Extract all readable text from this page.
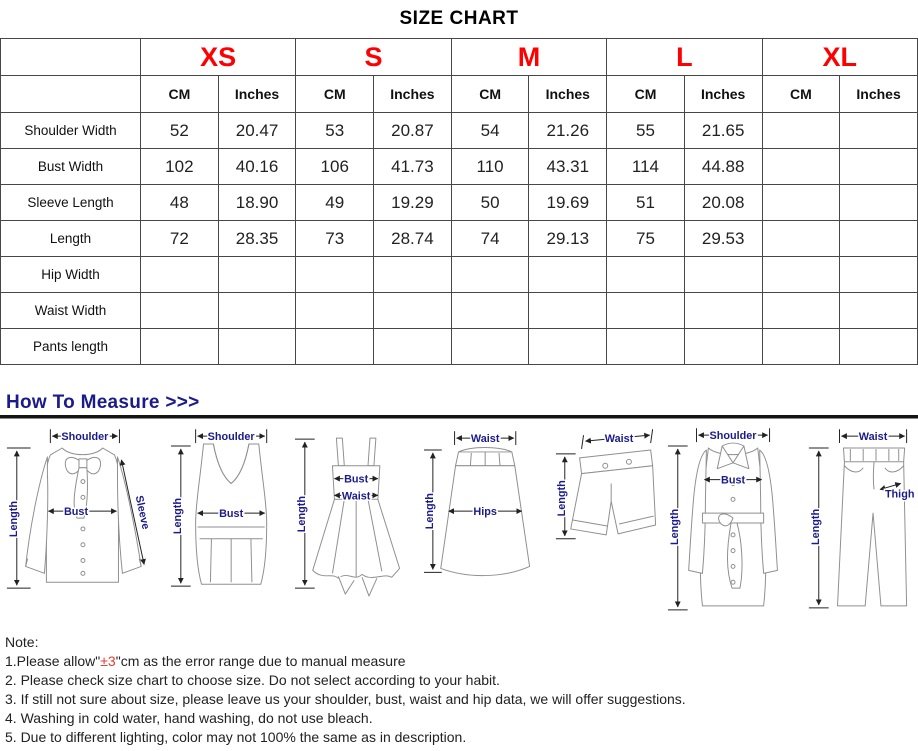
SIZE CHART
	XS		S		M		L		XL	
	CM	Inches	CM	Inches	CM	Inches	CM	Inches	CM	Inches
Shoulder Width	52	20.47	53	20.87	54	21.26	55	21.65		
Bust Width	102	40.16	106	41.73	110	43.31	114	44.88		
Sleeve Length	48	18.90	49	19.29	50	19.69	51	20.08		
Length	72	28.35	73	28.74	74	29.13	75	29.53		
Hip Width										
Waist Width										
Pants length										
How To Measure >>>
Shoulder
Bust	Sleeve
Length
Shoulder
Bust
Length
Bust
Waist
Length
Waist
Hips
Length
Waist
Length
Shoulder
Bust
Length
Thigh
Waist
Length
Note:
1.Please allow"±3"cm as the error range due to manual measure
2. Please check size chart to choose size. Do not select according to your habit.
3. If still not sure about size, please leave us your shoulder, bust, waist and hip data, we will offer suggestions.
4. Washing in cold water, hand washing, do not use bleach.
5. Due to different lighting, color may not 100% the same as in description.
